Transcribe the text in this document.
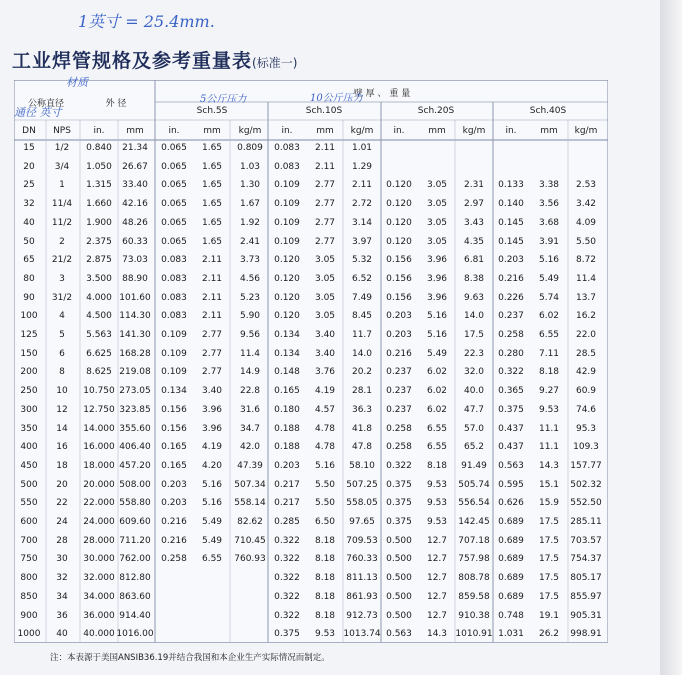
1英寸 = 25.4mm.
工业焊管规格及参考重量表(标准一)
公称直径	外 径
壁 厚 、 重 量
Sch.5S	Sch.10S	Sch.20S	Sch.40S
DN NPS	in. mm	in.	mm kg/m in.	mm kg/m in.	mm kg/m in.	mm kg/m
材质
通径 英寸
5公斤压力	10公斤压力
15 1/2 0.840 21.34 0.065 1.65 0.809 0.083 2.11 1.01
20 3/4 1.050 26.67 0.065 1.65 1.03 0.083 2.11 1.29
25	1 1.315 33.40 0.065 1.65 1.30 0.109 2.77 2.11 0.120 3.05 2.31 0.133 3.38 2.53
32 11/4 1.660 42.16 0.065 1.65 1.67 0.109 2.77 2.72 0.120 3.05 2.97 0.140 3.56 3.42
40 11/2 1.900 48.26 0.065 1.65 1.92 0.109 2.77 3.14 0.120 3.05 3.43 0.145 3.68 4.09
50	2 2.375 60.33 0.065 1.65 2.41 0.109 2.77 3.97 0.120 3.05 4.35 0.145 3.91 5.50
65 21/2 2.875 73.03 0.083 2.11 3.73 0.120 3.05 5.32 0.156 3.96 6.81 0.203 5.16 8.72
80	3 3.500 88.90 0.083 2.11 4.56 0.120 3.05 6.52 0.156 3.96 8.38 0.216 5.49 11.4
90 31/2 4.000 101.60 0.083 2.11 5.23 0.120 3.05 7.49 0.156 3.96 9.63 0.226 5.74 13.7
100 4 4.500 114.30 0.083 2.11 5.90 0.120 3.05 8.45 0.203 5.16 14.0 0.237 6.02 16.2
125 5 5.563 141.30 0.109 2.77 9.56 0.134 3.40 11.7 0.203 5.16 17.5 0.258 6.55 22.0
150 6 6.625 168.28 0.109 2.77 11.4 0.134 3.40 14.0 0.216 5.49 22.3 0.280 7.11 28.5
200 8 8.625 219.08 0.109 2.77 14.9 0.148 3.76 20.2 0.237 6.02 32.0 0.322 8.18 42.9
250 10 10.750 273.05 0.134 3.40 22.8 0.165 4.19 28.1 0.237 6.02 40.0 0.365 9.27 60.9
300 12 12.750 323.85 0.156 3.96 31.6 0.180 4.57 36.3 0.237 6.02 47.7 0.375 9.53 74.6
350 14 14.000 355.60 0.156 3.96 34.7 0.188 4.78 41.8 0.258 6.55 57.0 0.437 11.1 95.3
400 16 16.000 406.40 0.165 4.19 42.0 0.188 4.78 47.8 0.258 6.55 65.2 0.437 11.1 109.3
450 18 18.000 457.20 0.165 4.20 47.39 0.203 5.16 58.10 0.322 8.18 91.49 0.563 14.3 157.77
500 20 20.000 508.00 0.203 5.16 507.34 0.217 5.50 507.25 0.375 9.53 505.74 0.595 15.1 502.32
550 22 22.000 558.80 0.203 5.16 558.14 0.217 5.50 558.05 0.375 9.53 556.54 0.626 15.9 552.50
600 24 24.000 609.60 0.216 5.49 82.62 0.285 6.50 97.65 0.375 9.53 142.45 0.689 17.5 285.11
700 28 28.000 711.20 0.216 5.49 710.45 0.322 8.18 709.53 0.500 12.7 707.18 0.689 17.5 703.57
750 30 30.000 762.00 0.258 6.55 760.93 0.322 8.18 760.33 0.500 12.7 757.98 0.689 17.5 754.37
800 32 32.000 812.80	0.322 8.18 811.13 0.500 12.7 808.78 0.689 17.5 805.17
850 34 34.000 863.60	0.322 8.18 861.93 0.500 12.7 859.58 0.689 17.5 855.97
900 36 36.000 914.40	0.322 8.18 912.73 0.500 12.7 910.38 0.748 19.1 905.31
1000 40 40.000 1016.00	0.375 9.53 1013.74 0.563 14.3 1010.91 1.031 26.2 998.91
注：本表源于美国ANSIB36.19并结合我国和本企业生产实际情况而制定。
